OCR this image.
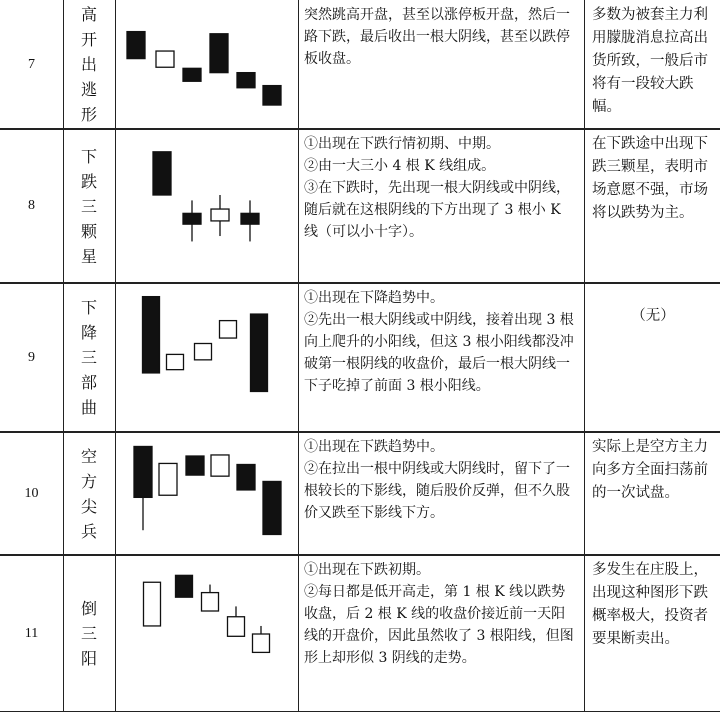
7
高开出逃形

突然跳高开盘，甚至以涨停板开盘，然后一路下跌，最后收出一根大阴线，甚至以跌停板收盘。

多数为被套主力利用朦胧消息拉高出货所致，一般后市将有一段较大跌幅。
8
下跌三颗星

①出现在下跌行情初期、中期。

②由一大三小 4 根 K 线组成。

③在下跌时，先出现一根大阴线或中阴线，随后就在这根阴线的下方出现了 3 根小 K 线（可以小十字）。

在下跌途中出现下跌三颗星，表明市场意愿不强，市场将以跌势为主。
9
下降三部曲

①出现在下降趋势中。

②先出一根大阴线或中阴线，接着出现 3 根向上爬升的小阳线，但这 3 根小阳线都没冲破第一根阴线的收盘价，最后一根大阴线一下子吃掉了前面 3 根小阳线。

（无）
10
空方尖兵

①出现在下跌趋势中。

②在拉出一根中阴线或大阴线时，留下了一根较长的下影线，随后股价反弹，但不久股价又跌至下影线下方。

实际上是空方主力向多方全面扫荡前的一次试盘。
11
倒三阳

①出现在下跌初期。

②每日都是低开高走，第 1 根 K 线以跌势收盘，后 2 根 K 线的收盘价接近前一天阳线的开盘价，因此虽然收了 3 根阳线，但图形上却形似 3 阴线的走势。

多发生在庄股上，出现这种图形下跌概率极大，投资者要果断卖出。
